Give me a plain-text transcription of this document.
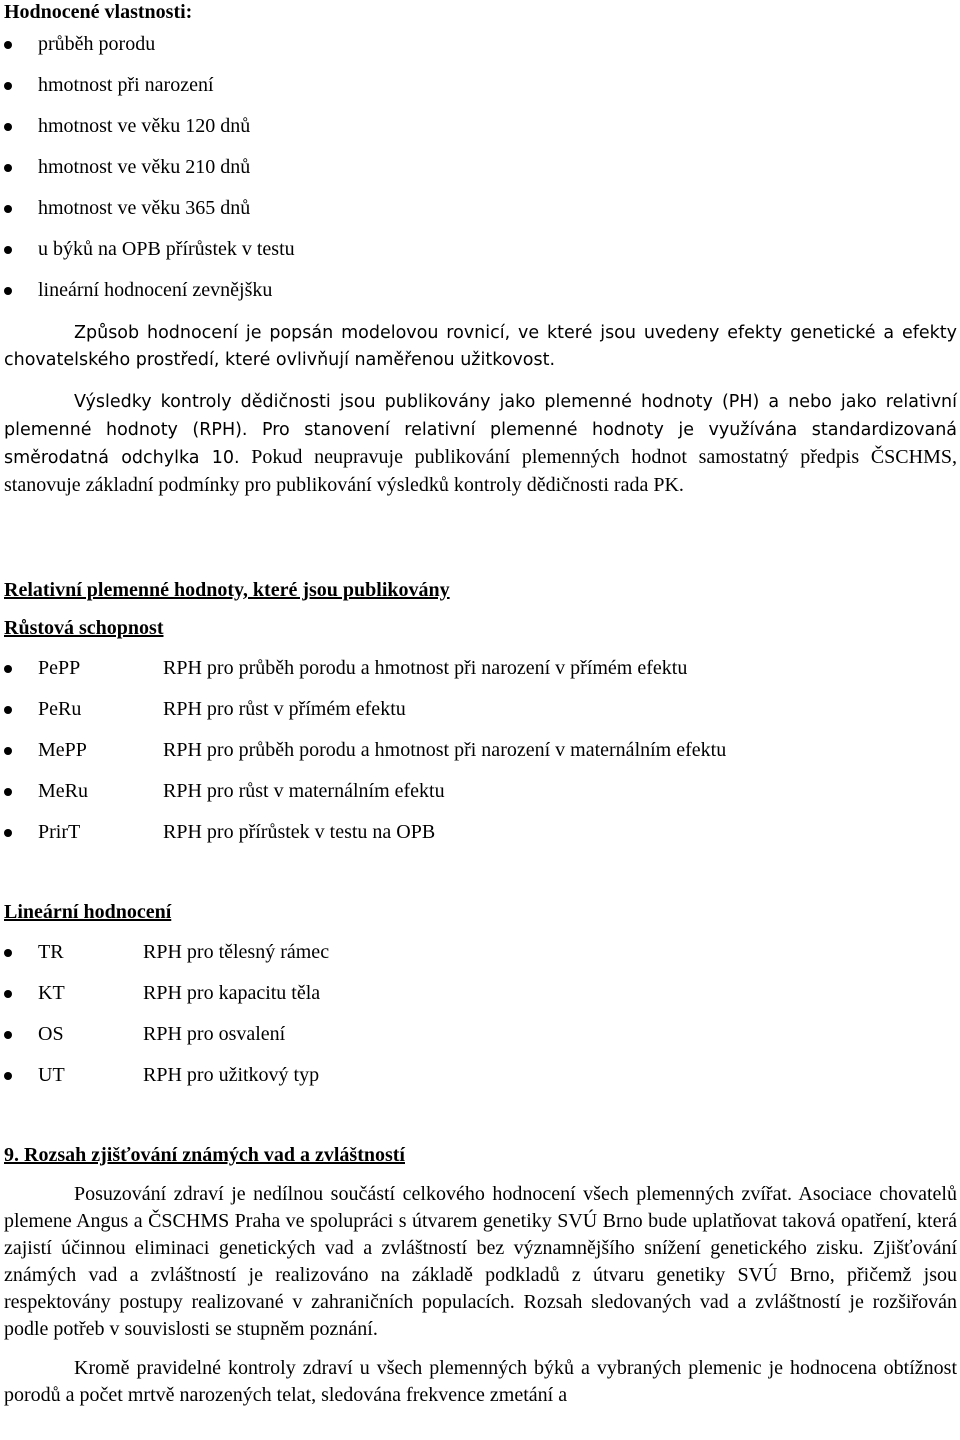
Hodnocené vlastnosti:

průběh porodu
hmotnost při narození
hmotnost ve věku 120 dnů
hmotnost ve věku 210 dnů
hmotnost ve věku 365 dnů
u býků na OPB přírůstek v testu
lineární hodnocení zevnějšku

Způsob hodnocení je popsán modelovou rovnicí, ve které jsou uvedeny efekty genetické a efekty chovatelského prostředí, které ovlivňují naměřenou užitkovost.

Výsledky kontroly dědičnosti jsou publikovány jako plemenné hodnoty (PH) a nebo jako relativní plemenné hodnoty (RPH). Pro stanovení relativní plemenné hodnoty je využívána standardizovaná směrodatná odchylka 10. Pokud neupravuje publikování plemenných hodnot samostatný předpis ČSCHMS, stanovuje základní podmínky pro publikování výsledků kontroly dědičnosti rada PK.

Relativní plemenné hodnoty, které jsou publikovány

Růstová schopnost

PePP	RPH pro průběh porodu a hmotnost při narození v přímém efektu
PeRu	RPH pro růst v přímém efektu
MePP	RPH pro průběh porodu a hmotnost při narození v maternálním efektu
MeRu	RPH pro růst v maternálním efektu
PrirT	RPH pro přírůstek v testu na OPB

Lineární hodnocení

TR	RPH pro tělesný rámec
KT	RPH pro kapacitu těla
OS	RPH pro osvalení
UT	RPH pro užitkový typ

9. Rozsah zjišťování známých vad a zvláštností

Posuzování zdraví je nedílnou součástí celkového hodnocení všech plemenných zvířat. Asociace chovatelů plemene Angus a ČSCHMS Praha ve spolupráci s útvarem genetiky SVÚ Brno bude uplatňovat taková opatření, která zajistí účinnou eliminaci genetických vad a zvláštností bez významnějšího snížení genetického zisku. Zjišťování známých vad a zvláštností je realizováno na základě podkladů z útvaru genetiky SVÚ Brno, přičemž jsou respektovány postupy realizované v zahraničních populacích. Rozsah sledovaných vad a zvláštností je rozšiřován podle potřeb v souvislosti se stupněm poznání.

Kromě pravidelné kontroly zdraví u všech plemenných býků a vybraných plemenic je hodnocena obtížnost porodů a počet mrtvě narozených telat, sledována frekvence zmetání a
